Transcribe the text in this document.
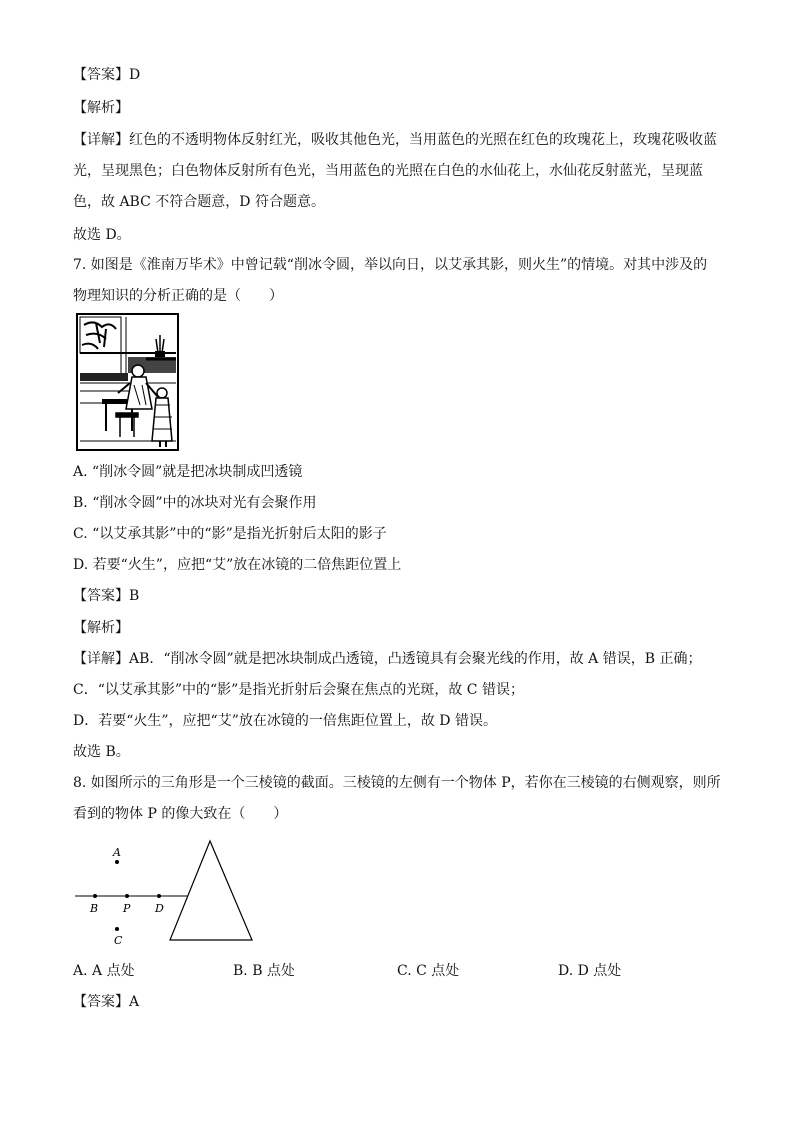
【答案】D
【解析】
【详解】红色的不透明物体反射红光，吸收其他色光，当用蓝色的光照在红色的玫瑰花上，玫瑰花吸收蓝
光，呈现黑色；白色物体反射所有色光，当用蓝色的光照在白色的水仙花上，水仙花反射蓝光，呈现蓝
色，故 ABC 不符合题意，D 符合题意。
故选 D。
7. 如图是《淮南万毕术》中曾记载“削冰令圆，举以向日，以艾承其影，则火生”的情境。对其中涉及的
物理知识的分析正确的是（　　）
A. “削冰令圆”就是把冰块制成凹透镜
B. “削冰令圆”中的冰块对光有会聚作用
C. “以艾承其影”中的“影”是指光折射后太阳的影子
D. 若要“火生”，应把“艾”放在冰镜的二倍焦距位置上
【答案】B
【解析】
【详解】AB．“削冰令圆”就是把冰块制成凸透镜，凸透镜具有会聚光线的作用，故 A 错误，B 正确；
C．“以艾承其影”中的“影”是指光折射后会聚在焦点的光斑，故 C 错误；
D．若要“火生”，应把“艾”放在冰镜的一倍焦距位置上，故 D 错误。
故选 B。
8. 如图所示的三角形是一个三棱镜的截面。三棱镜的左侧有一个物体 P，若你在三棱镜的右侧观察，则所
看到的物体 P 的像大致在（　　）
A
B P D
C
A. A 点处	B. B 点处	C. C 点处	D. D 点处
【答案】A
